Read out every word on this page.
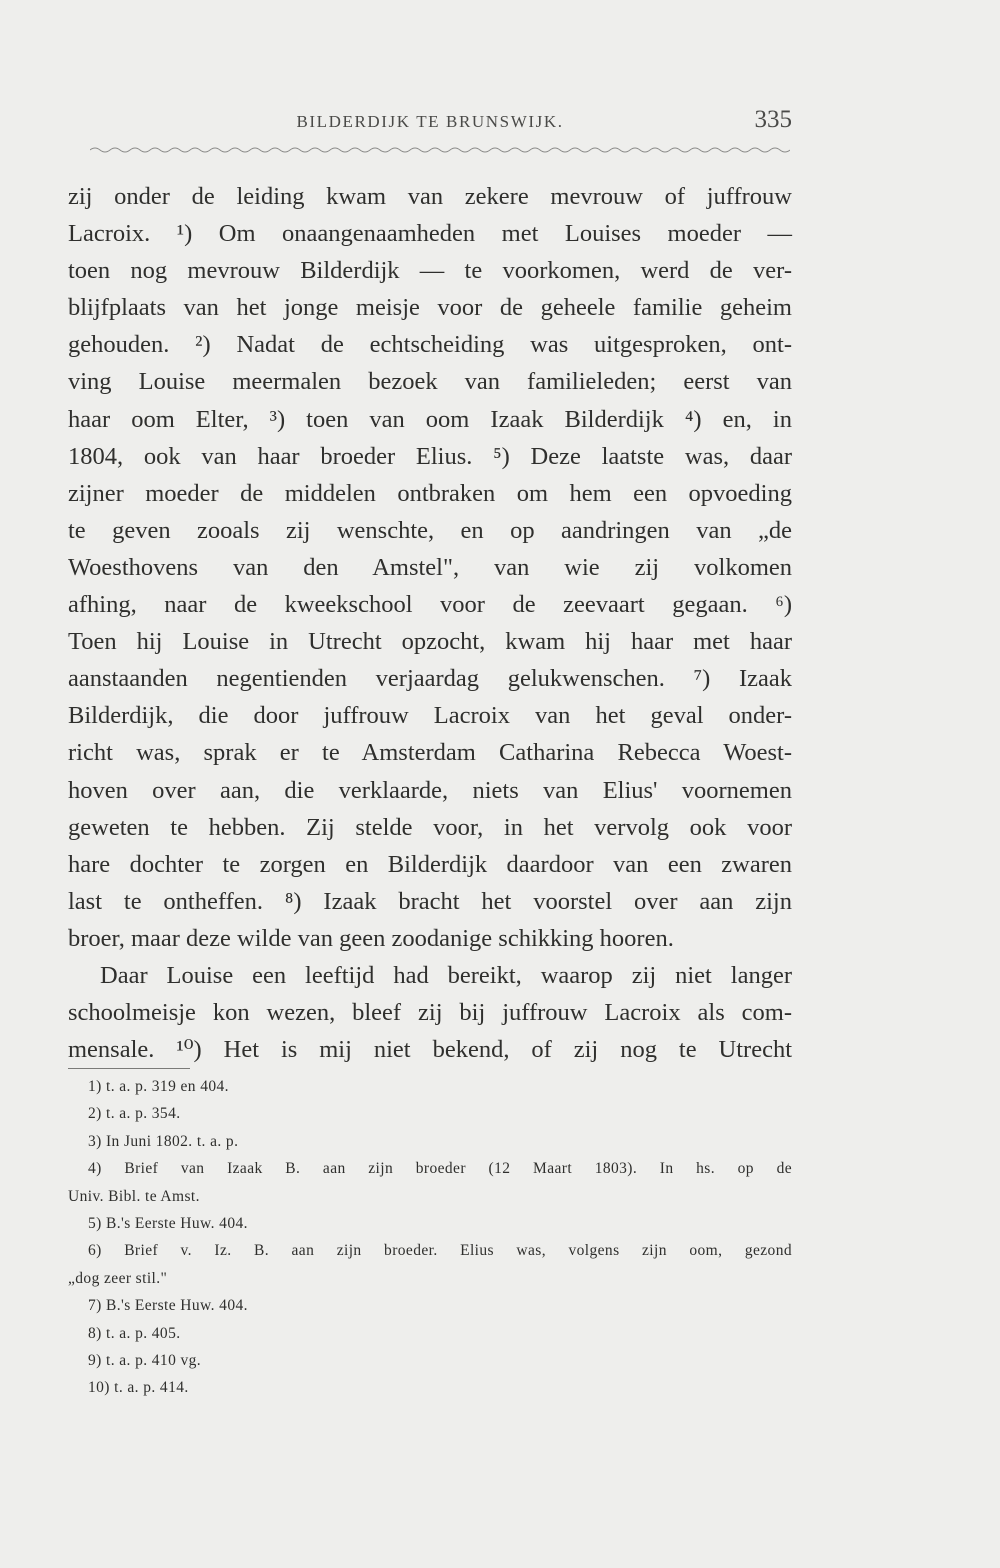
BILDERDIJK TE BRUNSWIJK.	335
zij onder de leiding kwam van zekere mevrouw of juffrouw
Lacroix. ¹) Om onaangenaamheden met Louises moeder —
toen nog mevrouw Bilderdijk — te voorkomen, werd de ver-
blijfplaats van het jonge meisje voor de geheele familie geheim
gehouden. ²) Nadat de echtscheiding was uitgesproken, ont-
ving Louise meermalen bezoek van familieleden; eerst van
haar oom Elter, ³) toen van oom Izaak Bilderdijk ⁴) en, in
1804, ook van haar broeder Elius. ⁵) Deze laatste was, daar
zijner moeder de middelen ontbraken om hem een opvoeding
te geven zooals zij wenschte, en op aandringen van „de
Woesthovens van den Amstel", van wie zij volkomen
afhing, naar de kweekschool voor de zeevaart gegaan. ⁶)
Toen hij Louise in Utrecht opzocht, kwam hij haar met haar
aanstaanden negentienden verjaardag gelukwenschen. ⁷) Izaak
Bilderdijk, die door juffrouw Lacroix van het geval onder-
richt was, sprak er te Amsterdam Catharina Rebecca Woest-
hoven over aan, die verklaarde, niets van Elius' voornemen
geweten te hebben. Zij stelde voor, in het vervolg ook voor
hare dochter te zorgen en Bilderdijk daardoor van een zwaren
last te ontheffen. ⁸) Izaak bracht het voorstel over aan zijn
broer, maar deze wilde van geen zoodanige schikking hooren.
Daar Louise een leeftijd had bereikt, waarop zij niet langer
schoolmeisje kon wezen, bleef zij bij juffrouw Lacroix als com-
mensale. ¹⁰) Het is mij niet bekend, of zij nog te Utrecht
1) t. a. p. 319 en 404.
2) t. a. p. 354.
3) In Juni 1802. t. a. p.
4) Brief van Izaak B. aan zijn broeder (12 Maart 1803). In hs. op de
Univ. Bibl. te Amst.
5) B.'s Eerste Huw. 404.
6) Brief v. Iz. B. aan zijn broeder. Elius was, volgens zijn oom, gezond
„dog zeer stil."
7) B.'s Eerste Huw. 404.
8) t. a. p. 405.
9) t. a. p. 410 vg.
10) t. a. p. 414.
